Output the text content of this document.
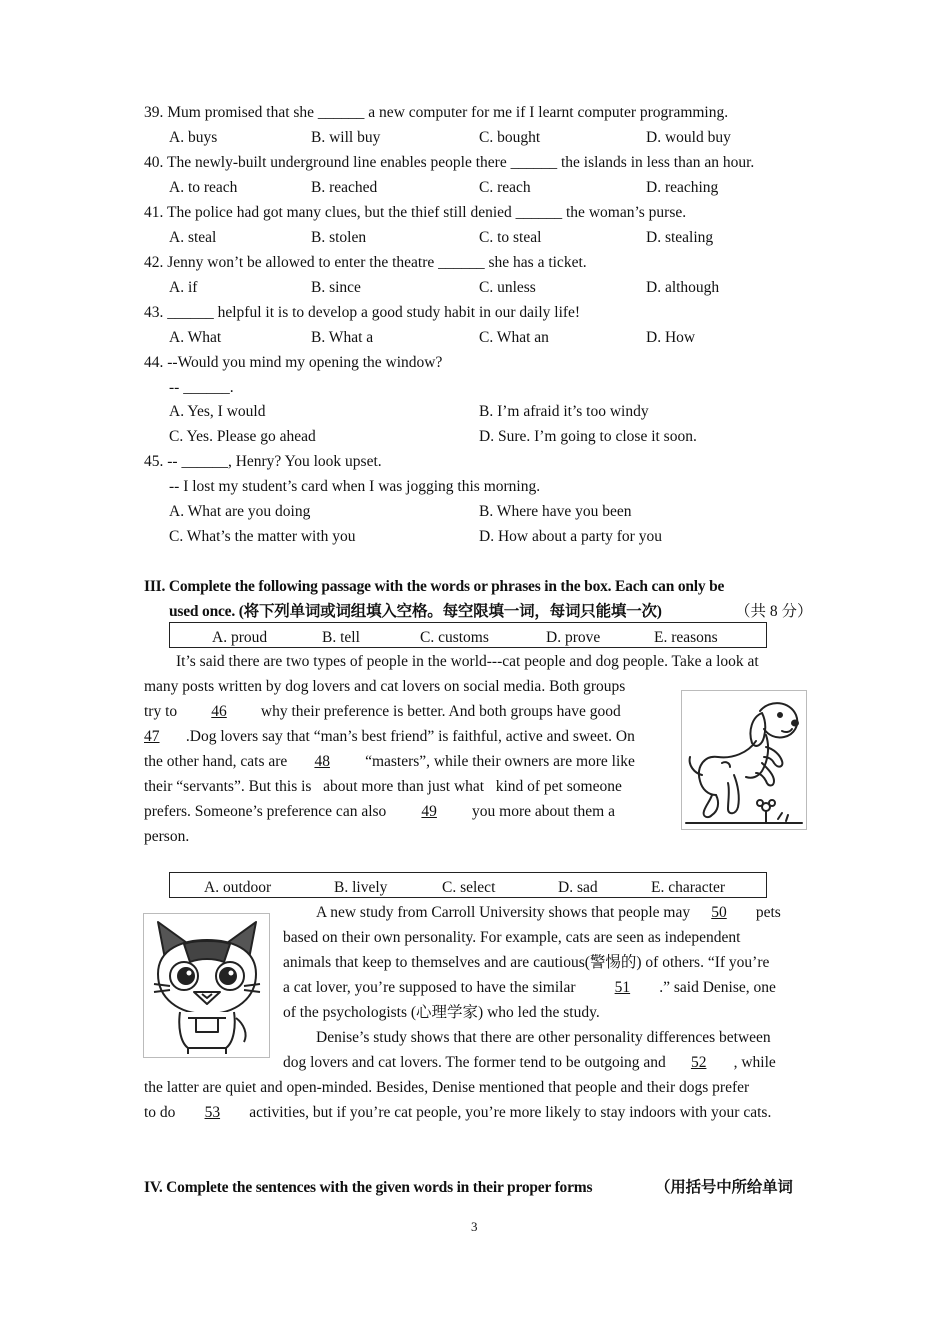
39. Mum promised that she ______ a new computer for me if I learnt computer programming.
A. buys	B. will buy	C. bought	D. would buy
40. The newly-built underground line enables people there ______ the islands in less than an hour.
A. to reach	B. reached	C. reach	D. reaching
41. The police had got many clues, but the thief still denied ______ the woman’s purse.
A. steal	B. stolen	C. to steal	D. stealing
42. Jenny won’t be allowed to enter the theatre ______ she has a ticket.
A. if	B. since	C. unless	D. although
43. ______ helpful it is to develop a good study habit in our daily life!
A. What	B. What a	C. What an	D. How
44. --Would you mind my opening the window?
-- ______.
A. Yes, I would	B. I’m afraid it’s too windy
C. Yes. Please go ahead	D. Sure. I’m going to close it soon.
45. -- ______, Henry? You look upset.
-- I lost my student’s card when I was jogging this morning.
A. What are you doing	B. Where have you been
C. What’s the matter with you	D. How about a party for you
III. Complete the following passage with the words or phrases in the box. Each can only be
used once. (将下列单词或词组填入空格。每空限填一词，每词只能填一次)	（共 8 分）
A. proud	B. tell	C. customs	D. prove	E. reasons
It’s said there are two types of people in the world---cat people and dog people. Take a look at
many posts written by dog lovers and cat lovers on social media. Both groups
try to 46 why their preference is better. And both groups have good
47 .Dog lovers say that “man’s best friend” is faithful, active and sweet. On
the other hand, cats are 48 “masters”, while their owners are more like
their “servants”. But this is   about more than just what   kind of pet someone
prefers. Someone’s preference can also 49 you more about them a
person.
A. outdoor	B. lively	C. select	D. sad	E. character
A new study from Carroll University shows that people may 50 pets
based on their own personality. For example, cats are seen as independent
animals that keep to themselves and are cautious(警惕的) of others. “If you’re
a cat lover, you’re supposed to have the similar	51 .” said Denise, one
of the psychologists (心理学家) who led the study.
Denise’s study shows that there are other personality differences between
dog lovers and cat lovers. The former tend to be outgoing and 52 , while
the latter are quiet and open-minded. Besides, Denise mentioned that people and their dogs prefer
to do 53 activities, but if you’re cat people, you’re more likely to stay indoors with your cats.
IV. Complete the sentences with the given words in their proper forms	（用括号中所给单词
3
